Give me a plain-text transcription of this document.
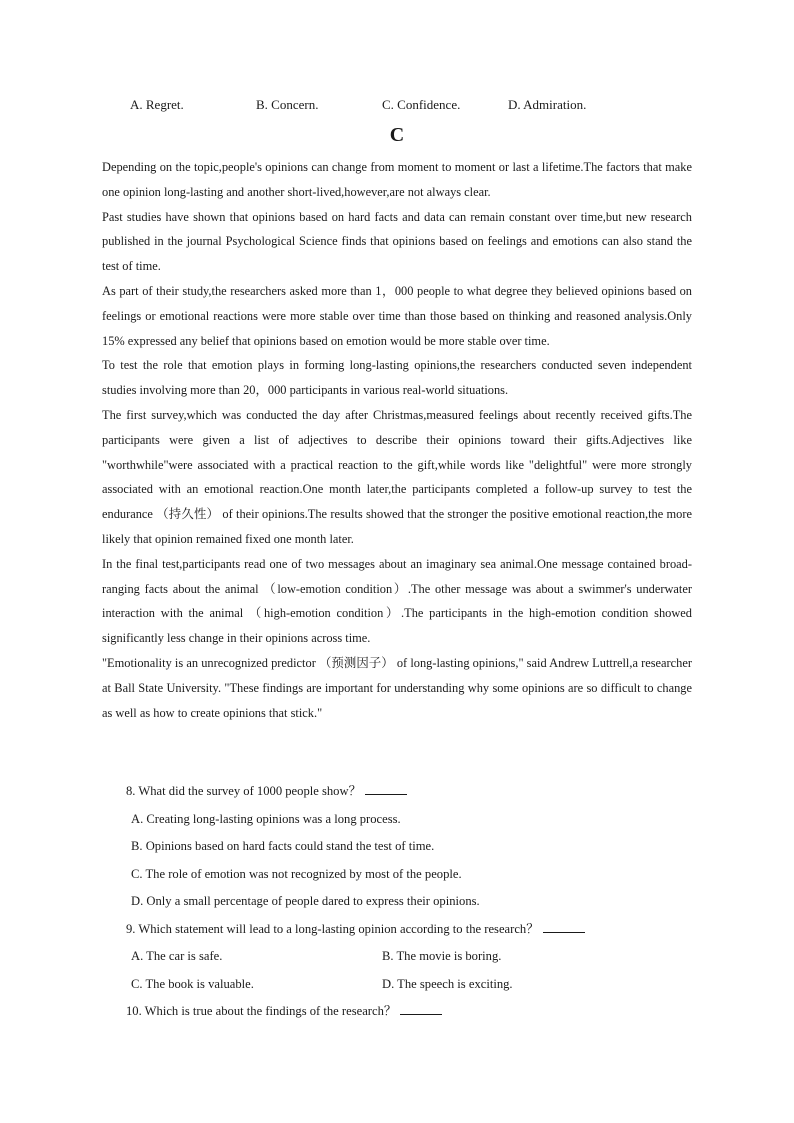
A. Regret.	B. Concern.	C. Confidence.	D. Admiration.
C

Depending on the topic,people's opinions can change from moment to moment or last a lifetime.The factors that make one opinion long-lasting and another short-lived,however,are not always clear.

Past studies have shown that opinions based on hard facts and data can remain constant over time,but new research published in the journal Psychological Science finds that opinions based on feelings and emotions can also stand the test of time.

As part of their study,the researchers asked more than 1，000 people to what degree they believed opinions based on feelings or emotional reactions were more stable over time than those based on thinking and reasoned analysis.Only 15% expressed any belief that opinions based on emotion would be more stable over time.

To test the role that emotion plays in forming long-lasting opinions,the researchers conducted seven independent studies involving more than 20，000 participants in various real-world situations.

The first survey,which was conducted the day after Christmas,measured feelings about recently received gifts.The participants were given a list of adjectives to describe their opinions toward their gifts.Adjectives like "worthwhile"were associated with a practical reaction to the gift,while words like "delightful" were more strongly associated with an emotional reaction.One month later,the participants completed a follow-up survey to test the endurance （持久性） of their opinions.The results showed that the stronger the positive emotional reaction,the more likely that opinion remained fixed one month later.

In the final test,participants read one of two messages about an imaginary sea animal.One message contained broad-ranging facts about the animal （low-emotion condition）.The other message was about a swimmer's underwater interaction with the animal （high-emotion condition）.The participants in the high-emotion condition showed significantly less change in their opinions across time.

"Emotionality is an unrecognized predictor （预测因子） of long-lasting opinions," said Andrew Luttrell,a researcher at Ball State University. "These findings are important for understanding why some opinions are so difficult to change as well as how to create opinions that stick."

8. What did the survey of 1000 people show？
A. Creating long-lasting opinions was a long process.
B. Opinions based on hard facts could stand the test of time.
C. The role of emotion was not recognized by most of the people.
D. Only a small percentage of people dared to express their opinions.
9. Which statement will lead to a long-lasting opinion according to the research？
A. The car is safe.	B. The movie is boring.
C. The book is valuable.	D. The speech is exciting.
10. Which is true about the findings of the research？
